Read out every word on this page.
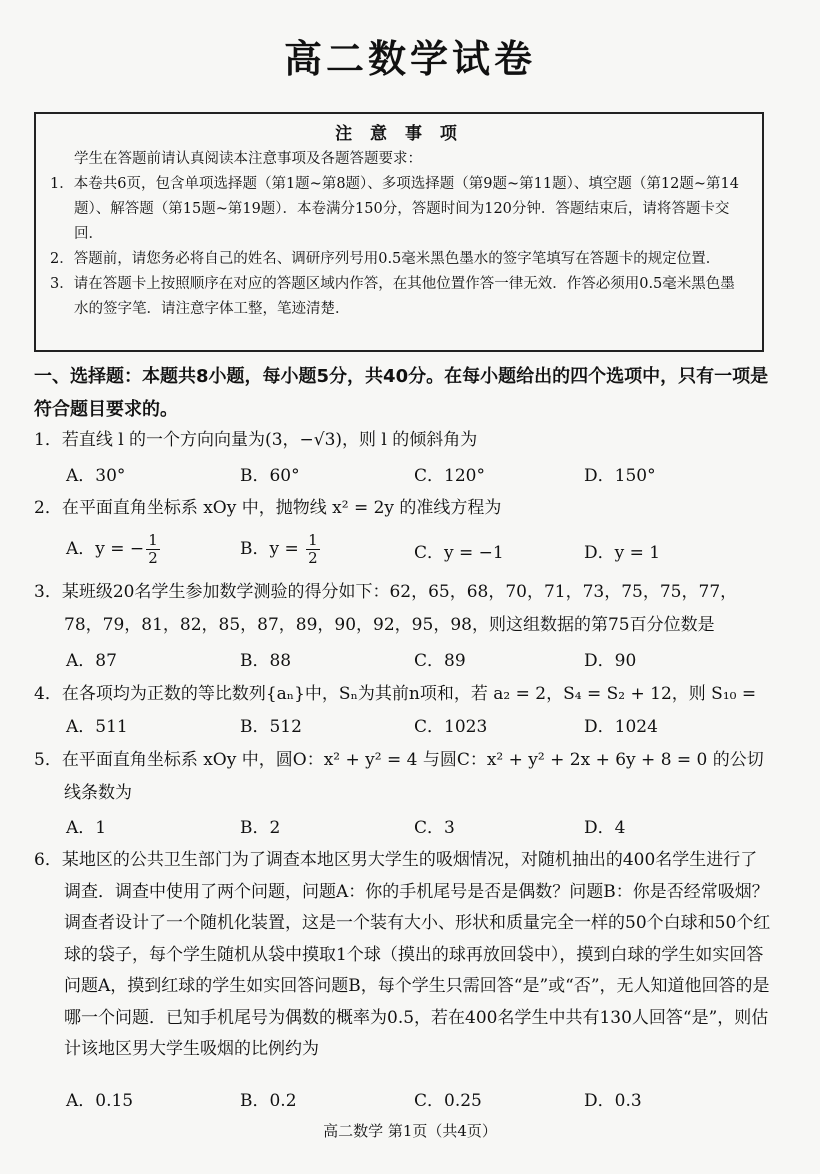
高二数学试卷
注 意 事 项

学生在答题前请认真阅读本注意事项及各题答题要求：

1．本卷共6页，包含单项选择题（第1题~第8题）、多项选择题（第9题~第11题）、填空题（第12题~第14题）、解答题（第15题~第19题）．本卷满分150分，答题时间为120分钟．答题结束后，请将答题卡交回．

2．答题前，请您务必将自己的姓名、调研序列号用0.5毫米黑色墨水的签字笔填写在答题卡的规定位置．

3．请在答题卡上按照顺序在对应的答题区域内作答，在其他位置作答一律无效．作答必须用0.5毫米黑色墨水的签字笔．请注意字体工整，笔迹清楚．

一、选择题：本题共8小题，每小题5分，共40分。在每小题给出的四个选项中，只有一项是符合题目要求的。
1．若直线 l 的一个方向向量为(3，−√3)，则 l 的倾斜角为
A．30°	B．60°	C．120°	D．150°
2．在平面直角坐标系 xOy 中，抛物线 x² = 2y 的准线方程为
A．y = − $\frac{1}{2}$	B．$y = \frac{1}{2}$	C．y = −1	D．y = 1
3．某班级20名学生参加数学测验的得分如下：62，65，68，70，71，73，75，75，77，78，79，81，82，85，87，89，90，92，95，98，则这组数据的第75百分位数是
A．87	B．88	C．89	D．90
4．在各项均为正数的等比数列{aₙ}中，Sₙ为其前n项和，若 a₂ = 2，S₄ = S₂ + 12，则 S₁₀ =
A．511	B．512	C．1023	D．1024
5．在平面直角坐标系 xOy 中，圆O：x² + y² = 4 与圆C：x² + y² + 2x + 6y + 8 = 0 的公切线条数为
A．1	B．2	C．3	D．4
6．某地区的公共卫生部门为了调查本地区男大学生的吸烟情况，对随机抽出的400名学生进行了调查．调查中使用了两个问题，问题A：你的手机尾号是否是偶数？问题B：你是否经常吸烟？调查者设计了一个随机化装置，这是一个装有大小、形状和质量完全一样的50个白球和50个红球的袋子，每个学生随机从袋中摸取1个球（摸出的球再放回袋中），摸到白球的学生如实回答问题A，摸到红球的学生如实回答问题B，每个学生只需回答“是”或“否”，无人知道他回答的是哪一个问题．已知手机尾号为偶数的概率为0.5，若在400名学生中共有130人回答“是”，则估计该地区男大学生吸烟的比例约为
A．0.15	B．0.2	C．0.25	D．0.3
高二数学 第1页（共4页）
